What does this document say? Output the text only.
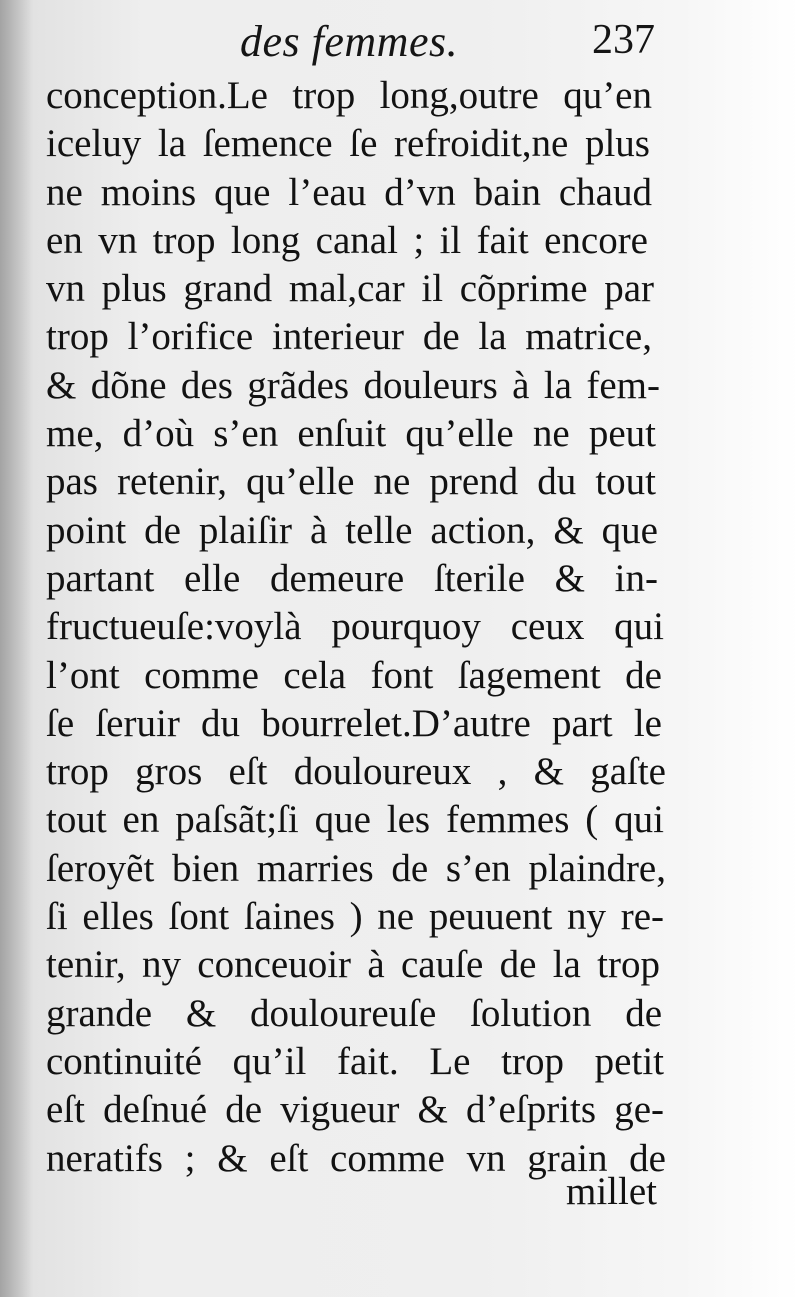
des femmes.	237
conception.Le trop long,outre qu’en
iceluy la ſemence ſe refroidit,ne plus
ne moins que l’eau d’vn bain chaud
en vn trop long canal ; il fait encore
vn plus grand mal,car il cõprime par
trop l’orifice interieur de la matrice,
& dõne des grãdes douleurs à la fem-
me, d’où s’en enſuit qu’elle ne peut
pas retenir, qu’elle ne prend du tout
point de plaiſir à telle action, & que
partant elle demeure ſterile & in-
fructueuſe:voylà pourquoy ceux qui
l’ont comme cela font ſagement de
ſe ſeruir du bourrelet.D’autre part le
trop gros eſt douloureux , & gaſte
tout en paſsãt;ſi que les femmes ( qui
ſeroyẽt bien marries de s’en plaindre,
ſi elles ſont ſaines ) ne peuuent ny re-
tenir, ny conceuoir à cauſe de la trop
grande & douloureuſe ſolution de
continuité qu’il fait. Le trop petit
eſt deſnué de vigueur & d’eſprits ge-
neratifs ; & eſt comme vn grain de
millet
